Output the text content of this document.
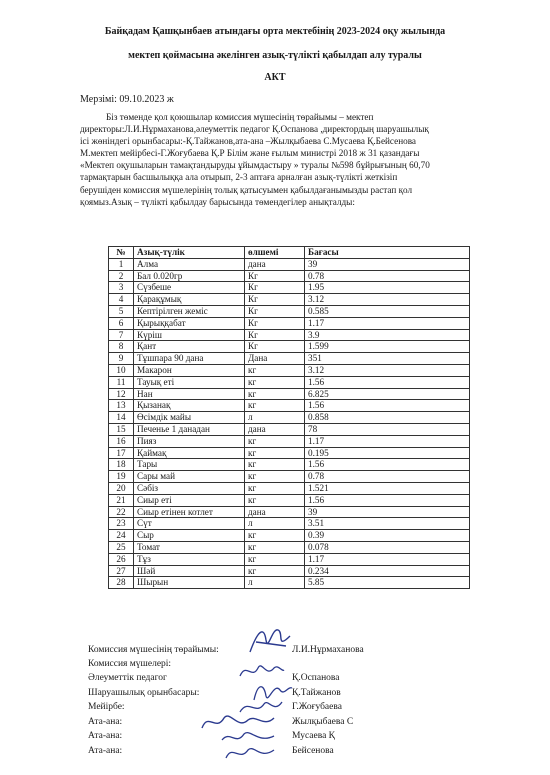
Байқадам Қашқынбаев атындағы орта мектебінің 2023-2024 оқу жылында
мектеп қоймасына әкелінген азық-түлікті қабылдап алу туралы
АКТ
Мерзімі: 09.10.2023 ж
Біз төменде қол қоюшылар комиссия мүшесінің төрайымы – мектеп
директоры:Л.И.Нұрмаханова,әлеуметтік педагог Қ.Оспанова ,директордың шаруашылық
ісі жөніндегі орынбасары:-Қ.Тайжанов,ата-ана –Жылқыбаева С.Мусаева Қ.Бейсенова
М.мектеп мейірбесі-Г.Жоғубаева Қ.Р Білім және ғылым министрі 2018 ж 31 қазандағы
«Мектеп оқушыларын тамақтандыруды ұйымдастыру » туралы №598 бұйрығының 60,70
тармақтарын басшылыққа ала отырып, 2-3 аптаға арналған азық-түлікті жеткізіп
берушіден комиссия мүшелерінің толық қатысуымен қабылдағанымызды растап қол
қоямыз.Азық – түлікті қабылдау барысында төмендегілер анықталды:
№	Азық-түлік	өлшемі	Бағасы
1	Алма	дана	39
2	Бал 0.020гр	Кг	0.78
3	Сүзбеше	Кг	1.95
4	Қарақұмық	Кг	3.12
5	Кептірілген жеміс	Кг	0.585
6	Қырыққабат	Кг	1.17
7	Күріш	Кг	3.9
8	Қант	Кг	1.599
9	Тұшпара 90 дана	Дана	351
10	Макарон	кг	3.12
11	Тауық еті	кг	1.56
12	Нан	кг	6.825
13	Қызанақ	кг	1.56
14	Өсімдік майы	л	0.858
15	Печенье 1 данадан	дана	78
16	Пияз	кг	1.17
17	Қаймақ	кг	0.195
18	Тары	кг	1.56
19	Сары май	кг	0.78
20	Сәбіз	кг	1.521
21	Сиыр еті	кг	1.56
22	Сиыр етінен котлет	дана	39
23	Сүт	л	3.51
24	Сыр	кг	0.39
25	Томат	кг	0.078
26	Тұз	кг	1.17
27	Шәй	кг	0.234
28	Шырын	л	5.85
Комиссия мүшесінің төрайымы:	Л.И.Нұрмаханова
Комиссия мүшелері:
Әлеуметтік педагог	Қ.Оспанова
Шаруашылық орынбасары:	Қ.Тайжанов
Мейірбе:	Г.Жоғубаева
Ата-ана:	Жылқыбаева С
Ата-ана:	Мусаева Қ
Ата-ана:	Бейсенова
